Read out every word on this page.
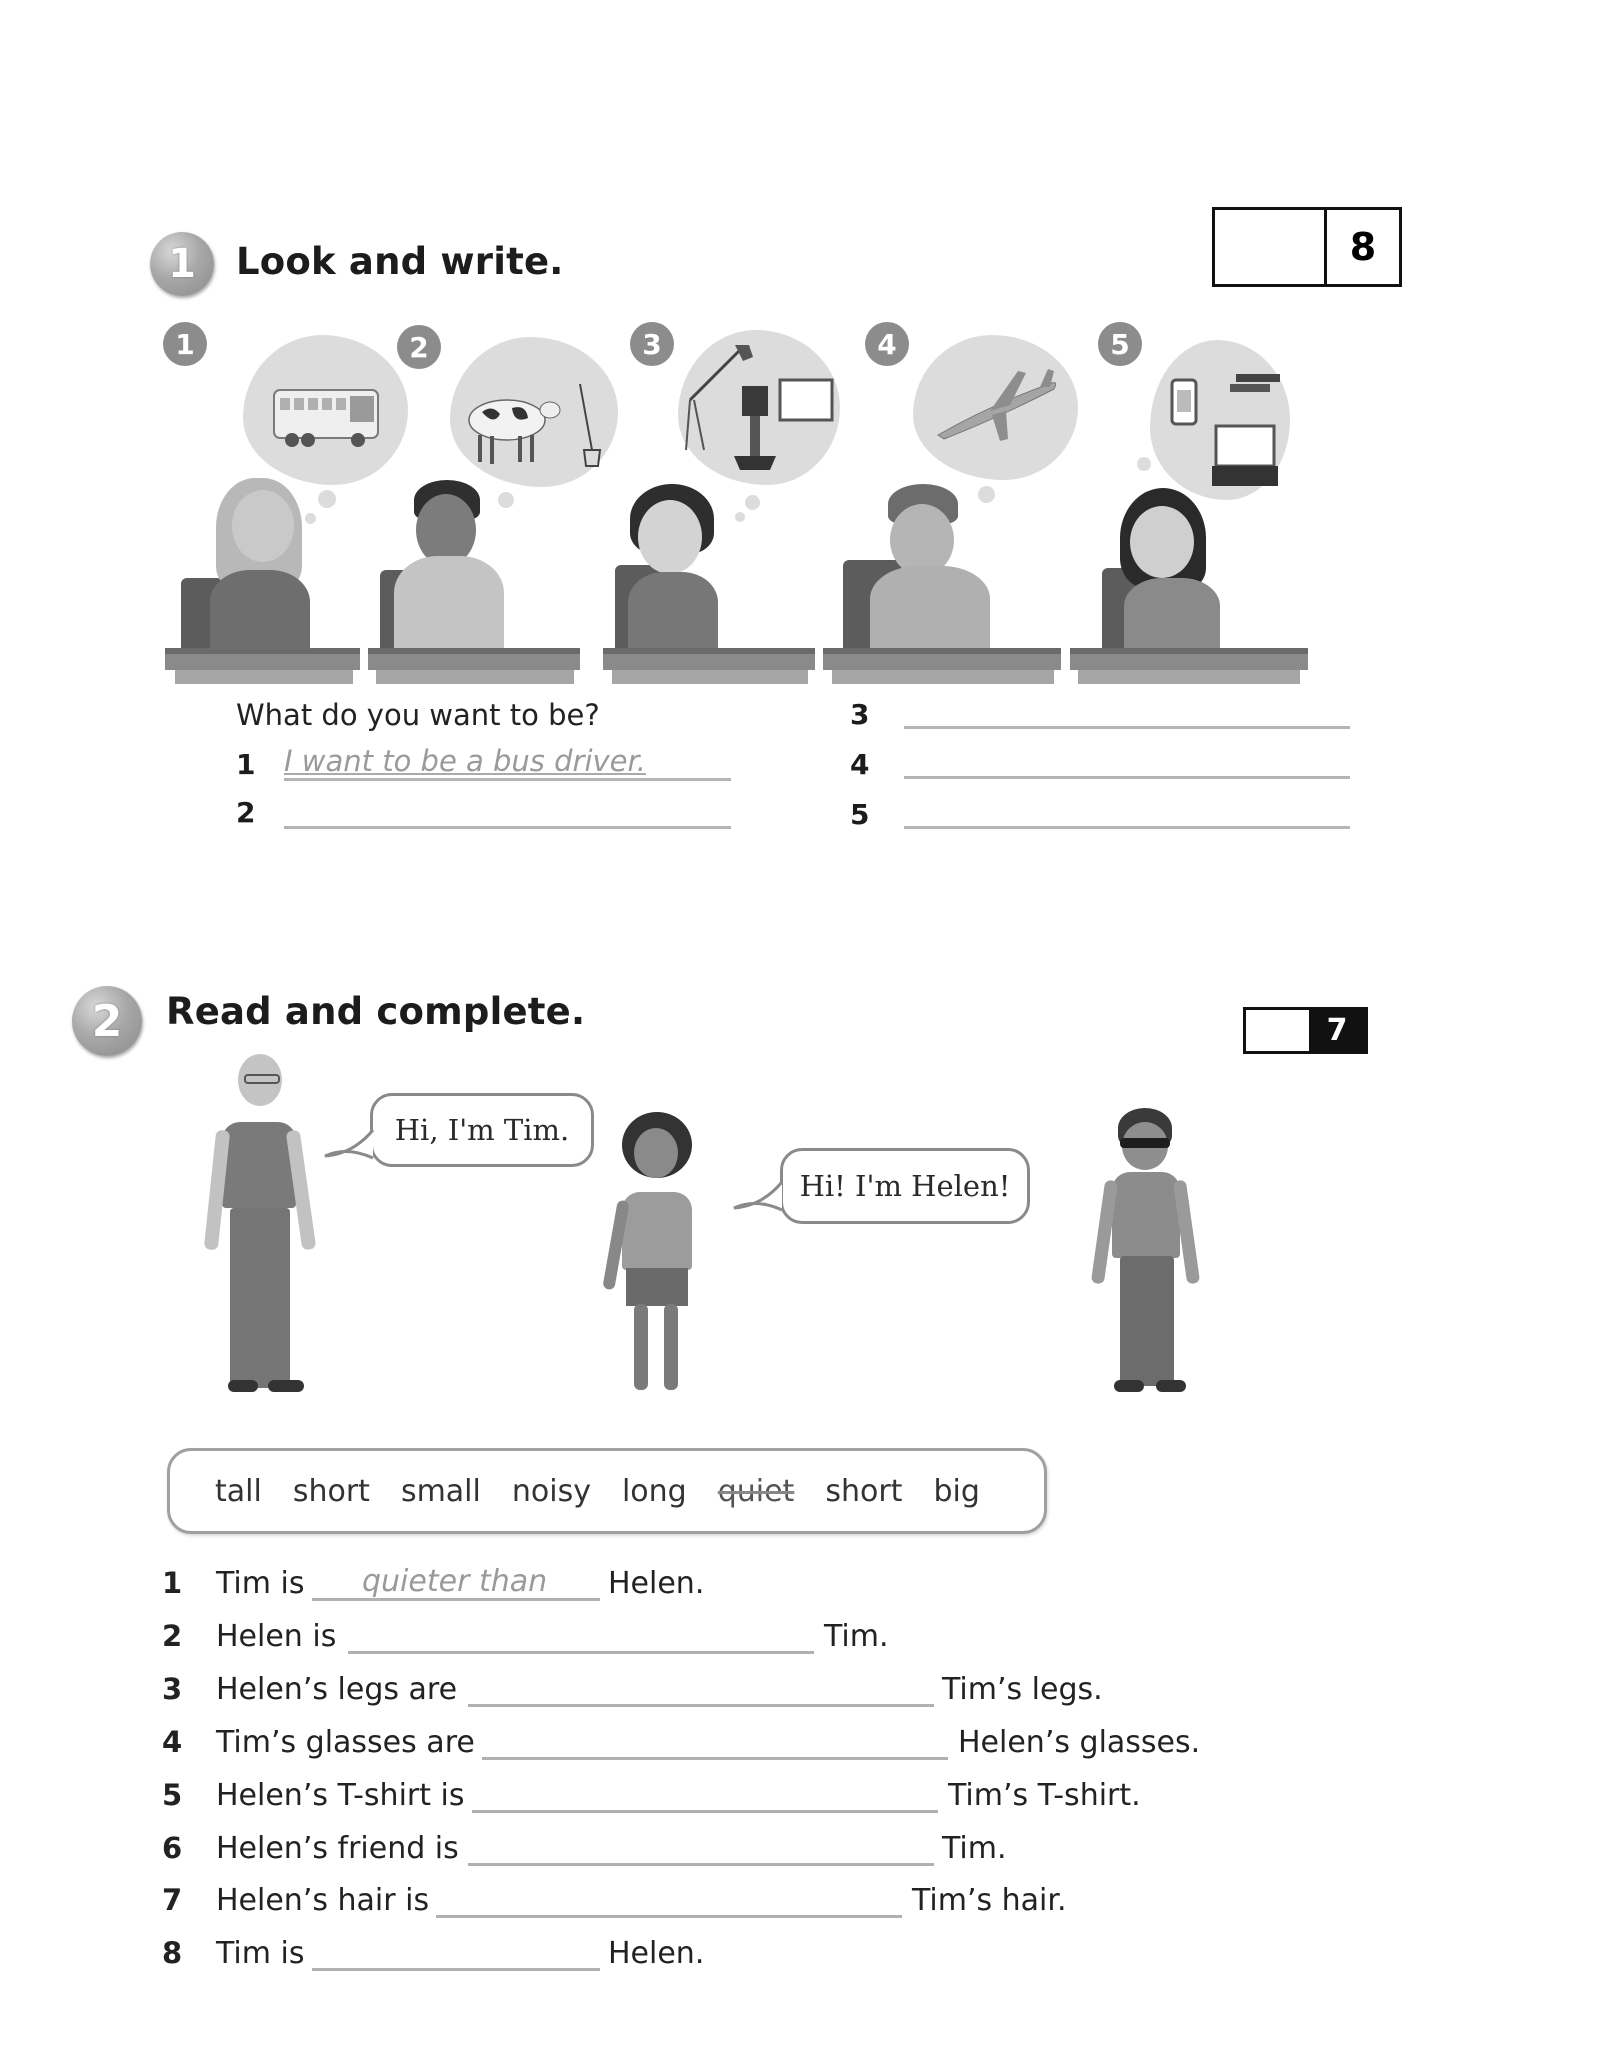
1	Look and write.	8
1	2	3	4	5
What do you want to be?
1 I want to be a bus driver.
2
3
4
5
2	Read and complete.	7
Hi, I'm Tim.
Hi! I'm Helen!
tall short small noisy long quiet short big
1 Tim is quieter than Helen.
2 Helen is	Tim.
3 Helen’s legs are	Tim’s legs.
4 Tim’s glasses are	Helen’s glasses.
5 Helen’s T-shirt is	Tim’s T-shirt.
6 Helen’s friend is	Tim.
7 Helen’s hair is	Tim’s hair.
8 Tim is	Helen.
